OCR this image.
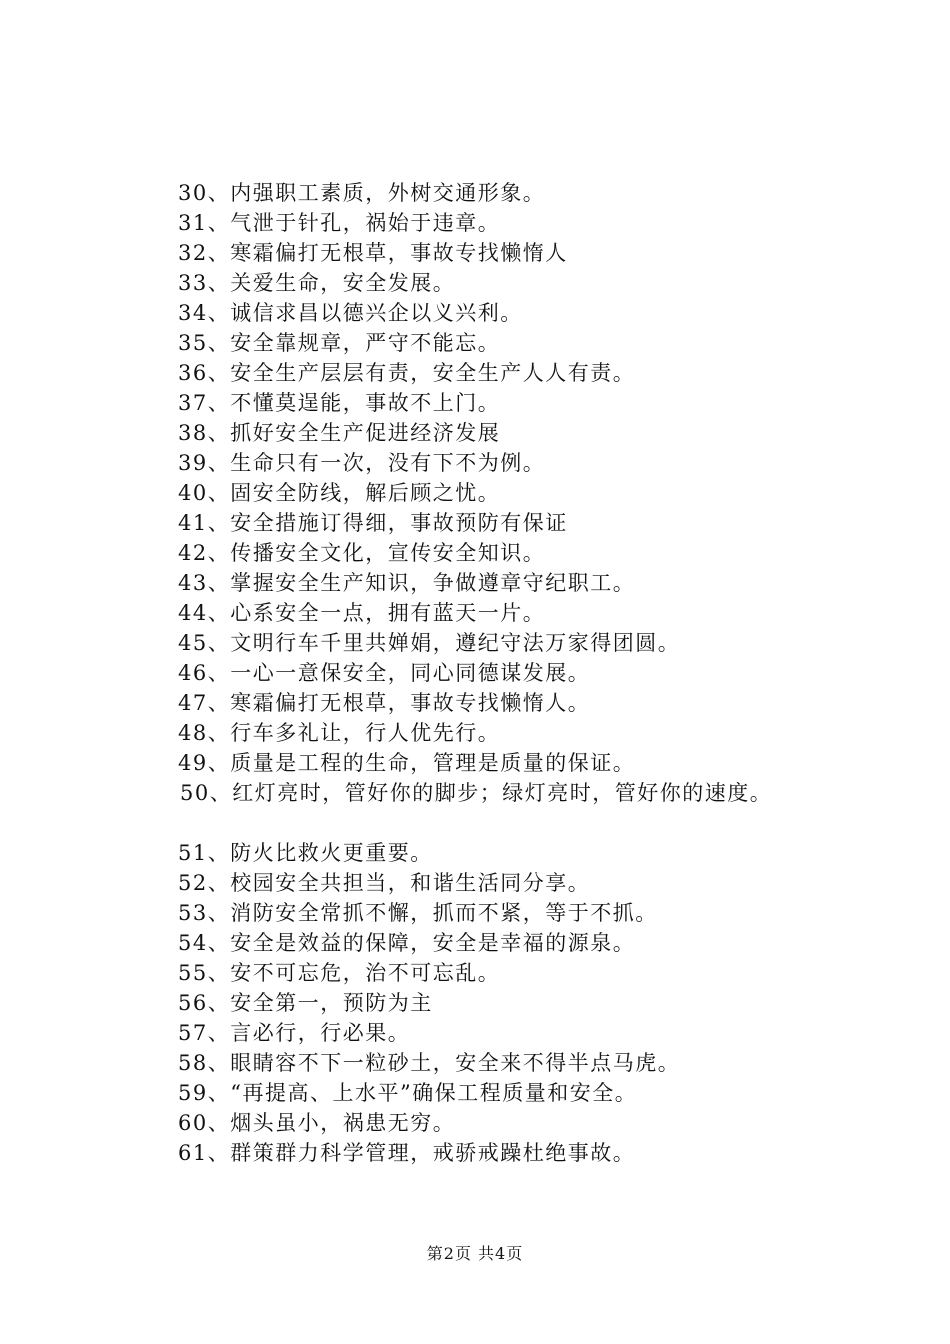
30、内强职工素质，外树交通形象。
31、气泄于针孔，祸始于违章。
32、寒霜偏打无根草，事故专找懒惰人
33、关爱生命，安全发展。
34、诚信求昌以德兴企以义兴利。
35、安全靠规章，严守不能忘。
36、安全生产层层有责，安全生产人人有责。
37、不懂莫逞能，事故不上门。
38、抓好安全生产促进经济发展
39、生命只有一次，没有下不为例。
40、固安全防线，解后顾之忧。
41、安全措施订得细，事故预防有保证
42、传播安全文化，宣传安全知识。
43、掌握安全生产知识，争做遵章守纪职工。
44、心系安全一点，拥有蓝天一片。
45、文明行车千里共婵娟，遵纪守法万家得团圆。
46、一心一意保安全，同心同德谋发展。
47、寒霜偏打无根草，事故专找懒惰人。
48、行车多礼让，行人优先行。
49、质量是工程的生命，管理是质量的保证。
50、红灯亮时，管好你的脚步；绿灯亮时，管好你的速度。
51、防火比救火更重要。
52、校园安全共担当，和谐生活同分享。
53、消防安全常抓不懈，抓而不紧，等于不抓。
54、安全是效益的保障，安全是幸福的源泉。
55、安不可忘危，治不可忘乱。
56、安全第一，预防为主
57、言必行，行必果。
58、眼睛容不下一粒砂土，安全来不得半点马虎。
59、“再提高、上水平”确保工程质量和安全。
60、烟头虽小，祸患无穷。
61、群策群力科学管理，戒骄戒躁杜绝事故。
第2页 共4页
